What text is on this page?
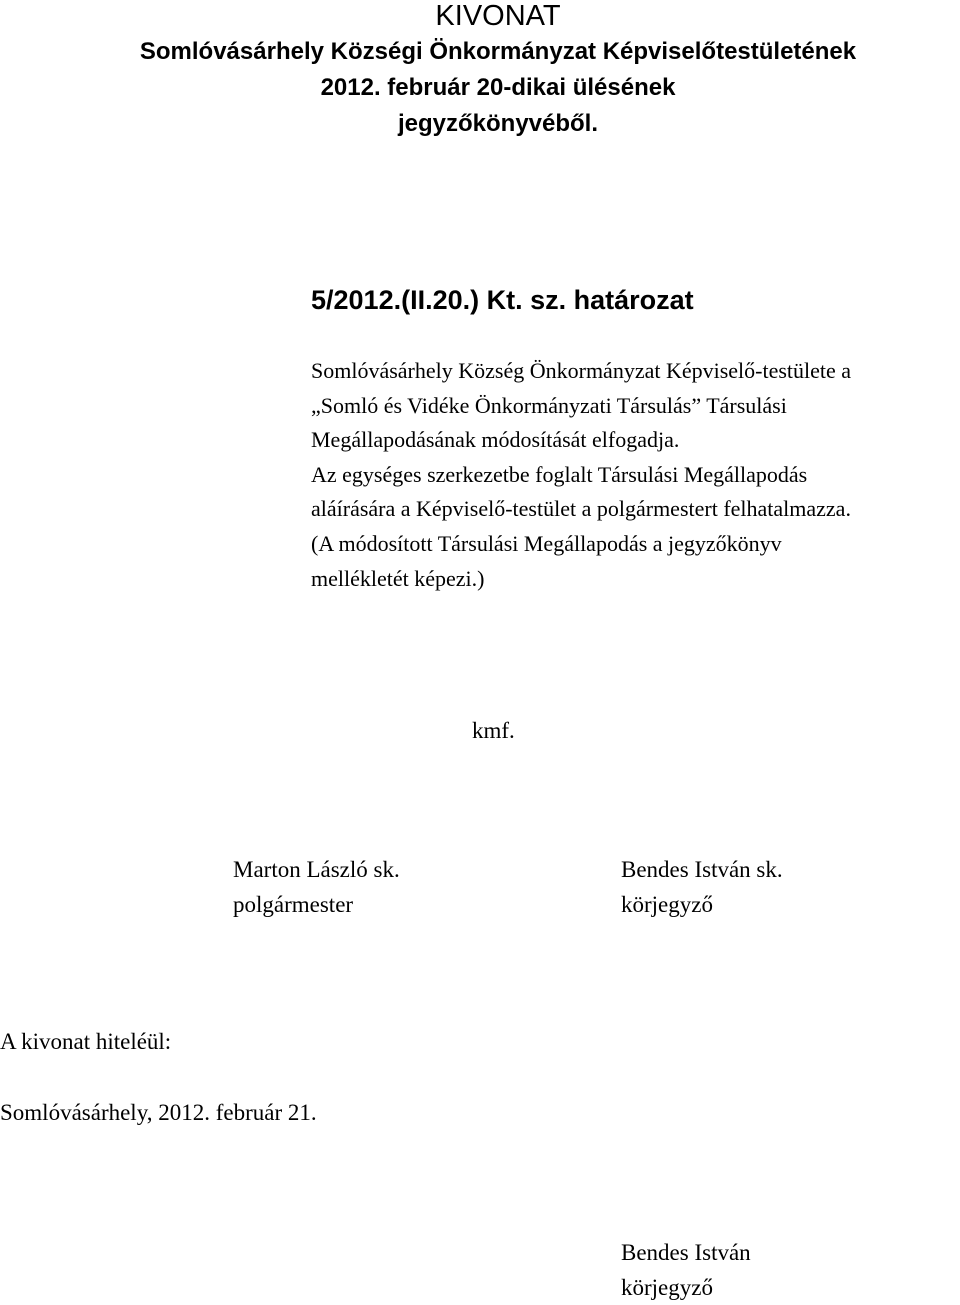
KIVONAT
Somlóvásárhely Községi Önkormányzat Képviselőtestületének
2012. február 20-dikai ülésének
jegyzőkönyvéből.
5/2012.(II.20.) Kt. sz. határozat
Somlóvásárhely Község Önkormányzat Képviselő-testülete a
„Somló és Vidéke Önkormányzati Társulás” Társulási
Megállapodásának módosítását elfogadja.
Az egységes szerkezetbe foglalt Társulási Megállapodás
aláírására a Képviselő-testület a polgármestert felhatalmazza.
(A módosított Társulási Megállapodás a jegyzőkönyv
mellékletét képezi.)
kmf.
Marton László sk.
polgármester
Bendes István sk.
körjegyző
A kivonat hiteléül:
Somlóvásárhely, 2012. február 21.
Bendes István
körjegyző
